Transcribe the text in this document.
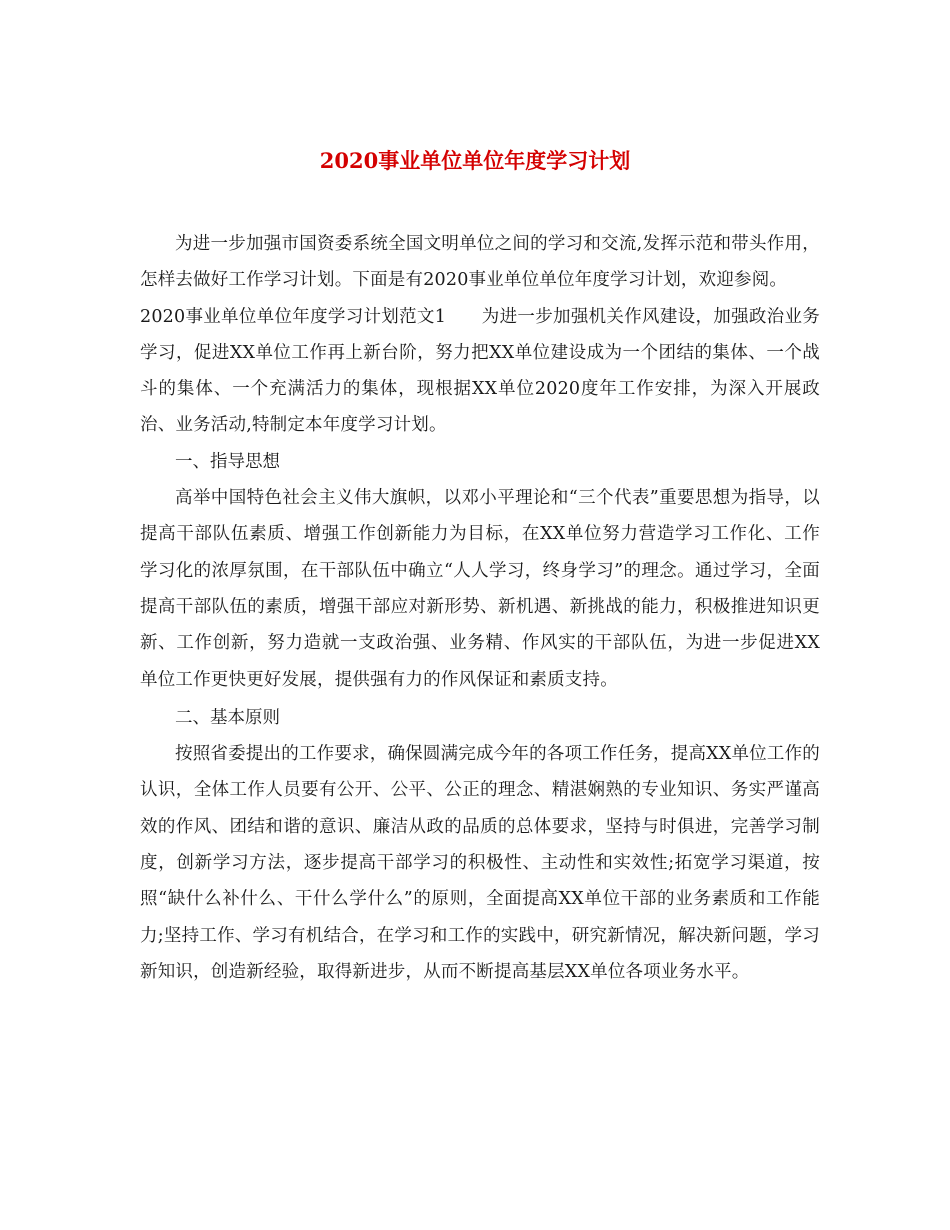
2020事业单位单位年度学习计划

为进一步加强市国资委系统全国文明单位之间的学习和交流,发挥示范和带头作用，怎样去做好工作学习计划。下面是有2020事业单位单位年度学习计划，欢迎参阅。

2020事业单位单位年度学习计划范文1　　为进一步加强机关作风建设，加强政治业务学习，促进XX单位工作再上新台阶，努力把XX单位建设成为一个团结的集体、一个战斗的集体、一个充满活力的集体，现根据XX单位2020度年工作安排，为深入开展政治、业务活动,特制定本年度学习计划。

一、指导思想

高举中国特色社会主义伟大旗帜，以邓小平理论和“三个代表”重要思想为指导，以提高干部队伍素质、增强工作创新能力为目标，在XX单位努力营造学习工作化、工作学习化的浓厚氛围，在干部队伍中确立“人人学习，终身学习”的理念。通过学习，全面提高干部队伍的素质，增强干部应对新形势、新机遇、新挑战的能力，积极推进知识更新、工作创新，努力造就一支政治强、业务精、作风实的干部队伍，为进一步促进XX单位工作更快更好发展，提供强有力的作风保证和素质支持。

二、基本原则

按照省委提出的工作要求，确保圆满完成今年的各项工作任务，提高XX单位工作的认识，全体工作人员要有公开、公平、公正的理念、精湛娴熟的专业知识、务实严谨高效的作风、团结和谐的意识、廉洁从政的品质的总体要求，坚持与时俱进，完善学习制度，创新学习方法，逐步提高干部学习的积极性、主动性和实效性;拓宽学习渠道，按照“缺什么补什么、干什么学什么”的原则，全面提高XX单位干部的业务素质和工作能力;坚持工作、学习有机结合，在学习和工作的实践中，研究新情况，解决新问题，学习新知识，创造新经验，取得新进步，从而不断提高基层XX单位各项业务水平。
